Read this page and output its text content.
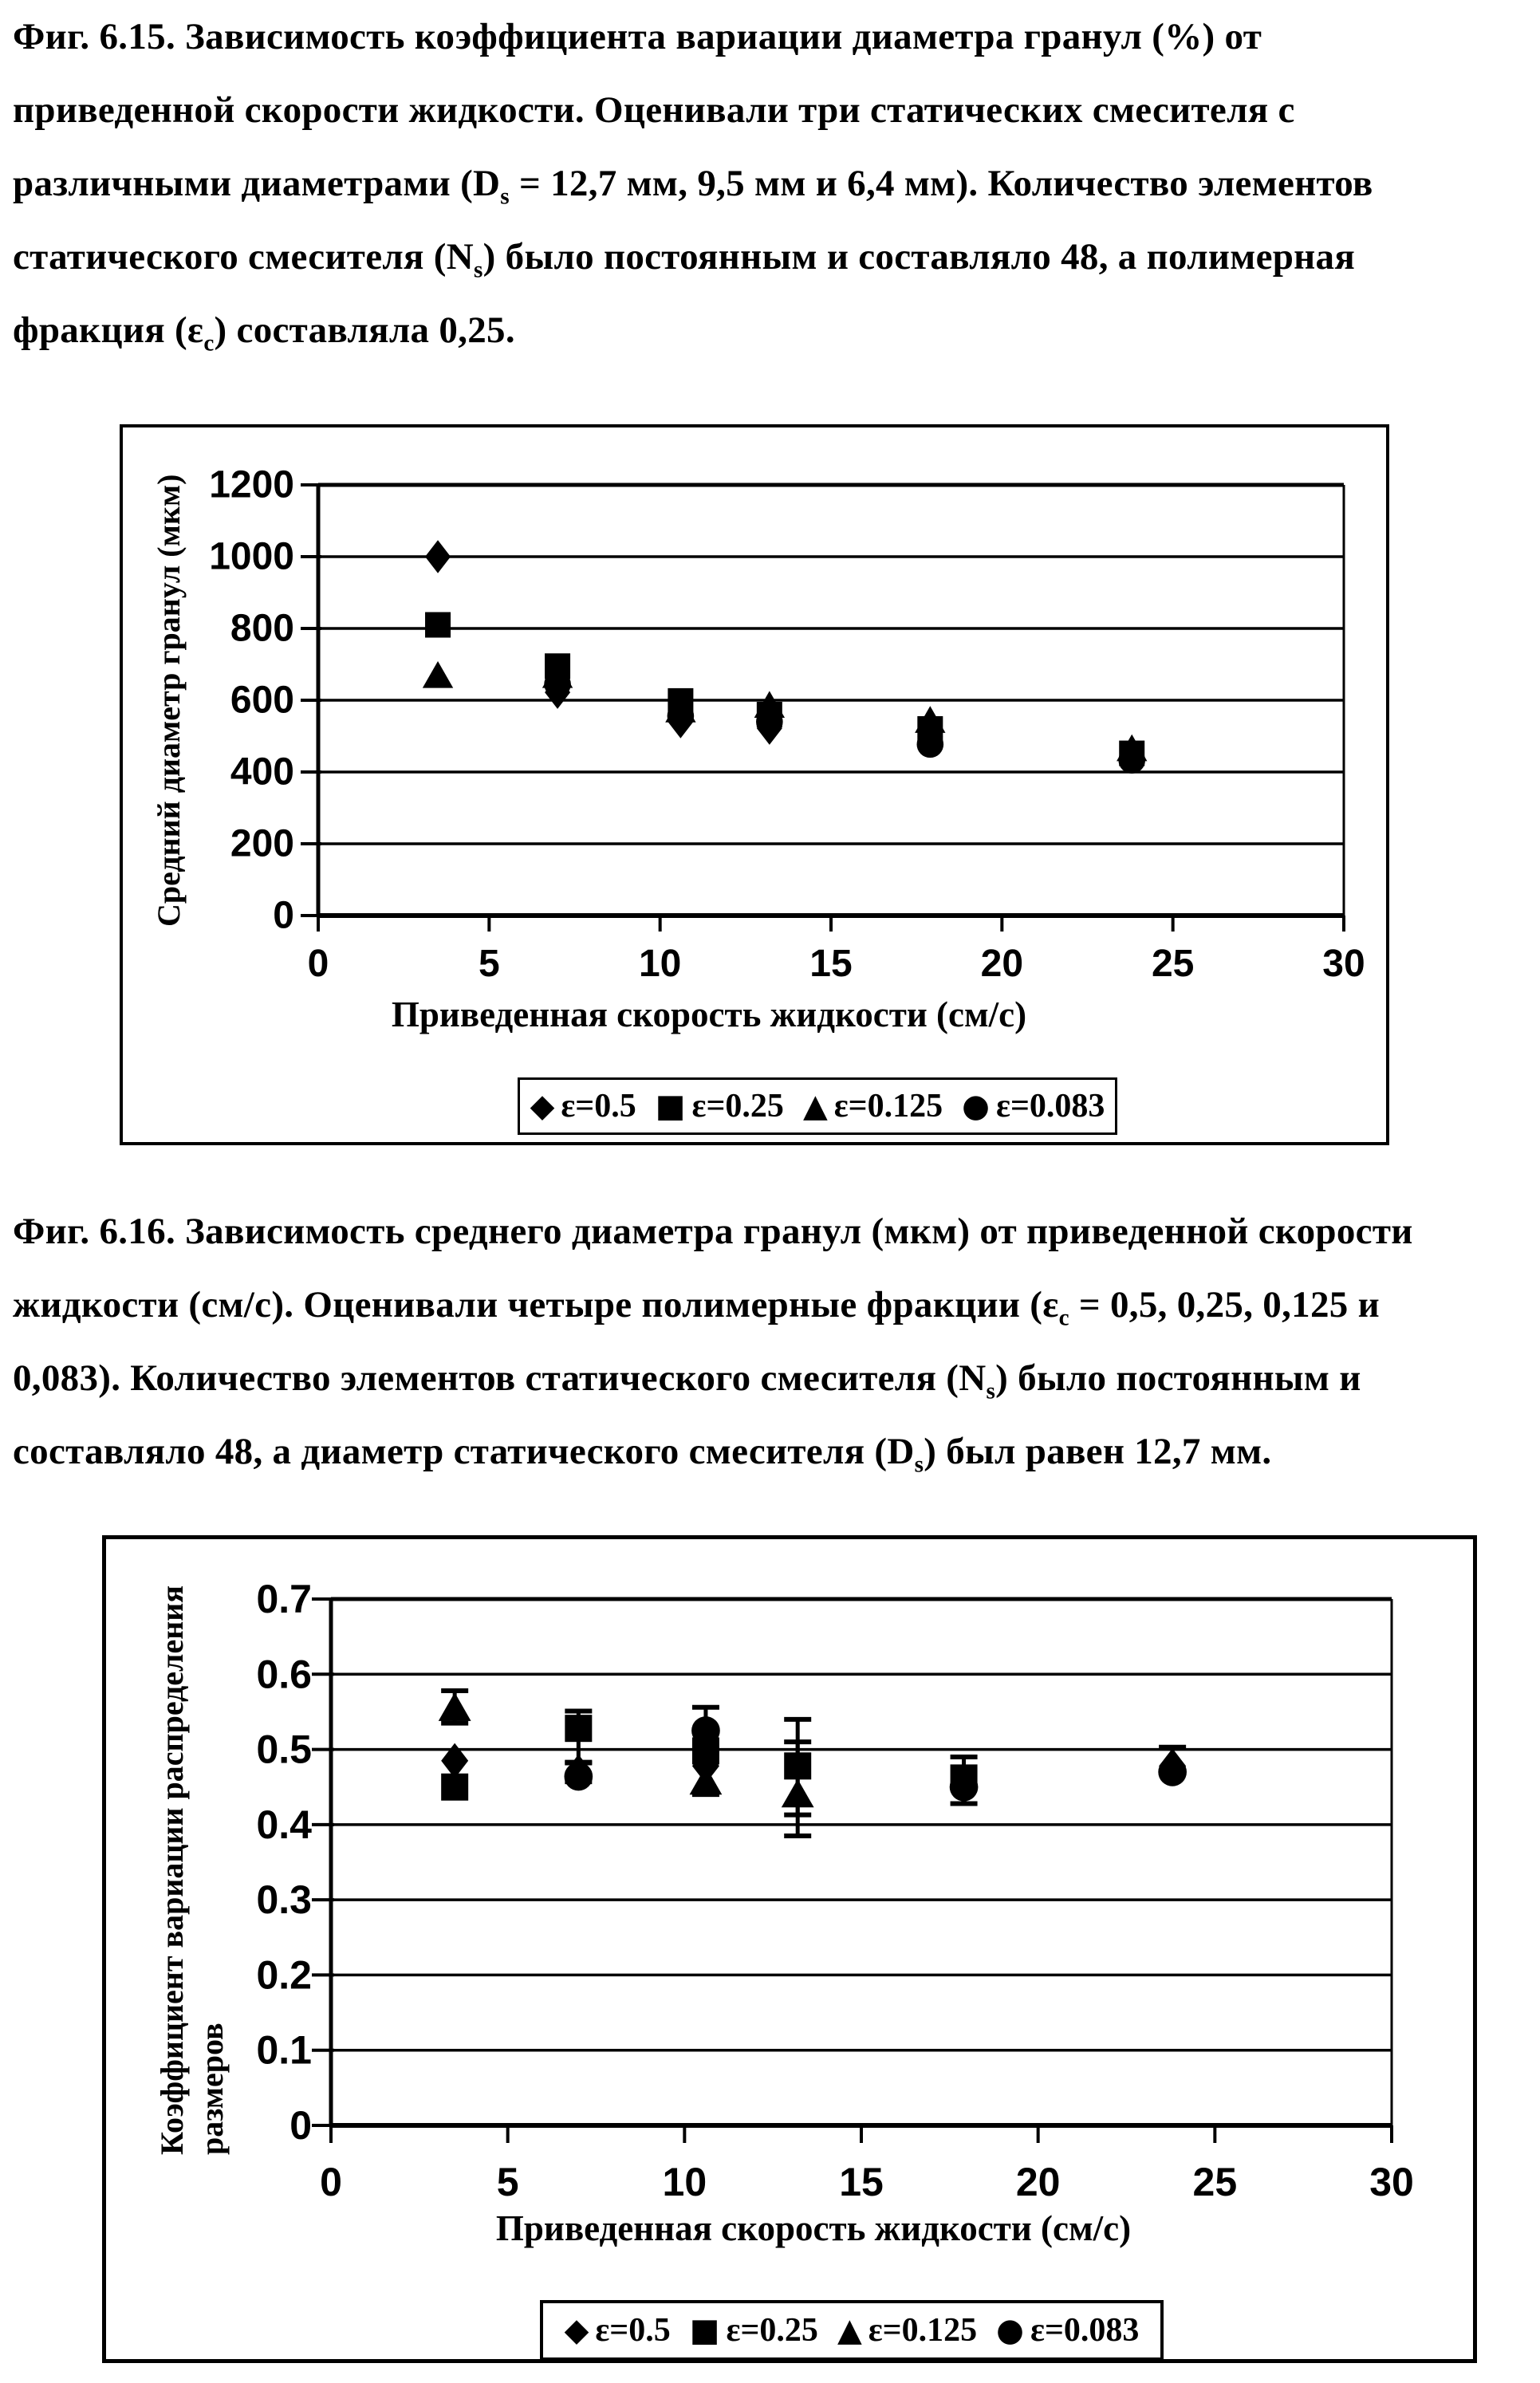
Фиг. 6.15. Зависимость коэффициента вариации диаметра гранул (%) от
приведенной скорости жидкости. Оценивали три статических смесителя с
различными диаметрами ($D_s = 12,7$ мм, 9,5 мм и 6,4 мм). Количество элементов
статического смесителя $(N_s)$ было постоянным и составляло 48, а полимерная
фракция $(\varepsilon_c)$ составляла 0,25.
0
200
400
600
800
1000
1200
0	5	10	15	20	25	30
Средний диаметр гранул (мкм)
Приведенная скорость жидкости (см/с)
◆ ε=0.5 ■ ε=0.25 ▲ ε=0.125 ● ε=0.083
Фиг. 6.16. Зависимость среднего диаметра гранул (мкм) от приведенной скорости
жидкости (см/с). Оценивали четыре полимерные фракции ($\varepsilon_c = 0,5$, 0,25, 0,125 и
0,083). Количество элементов статического смесителя $(N_s)$ было постоянным и
составляло 48, а диаметр статического смесителя $(D_s)$ был равен 12,7 мм.
0
0.1
0.2
0.3
0.4
0.5
0.6
0.7
0	5	10	15	20	25	30
Коэффициент вариации распределения размеров
Приведенная скорость жидкости (см/с)
◆ ε=0.5 ■ ε=0.25 ▲ ε=0.125 ● ε=0.083
